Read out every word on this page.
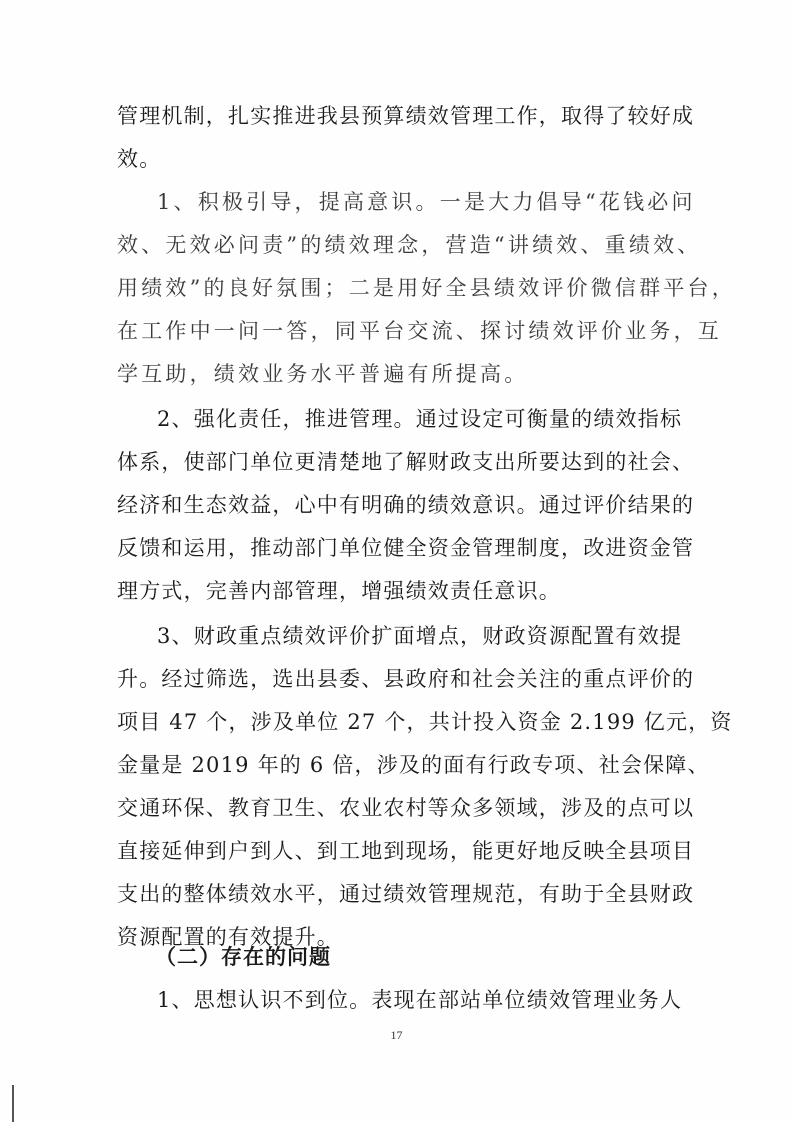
管理机制，扎实推进我县预算绩效管理工作，取得了较好成
效。
1、积极引导，提高意识。一是大力倡导“花钱必问
效、无效必问责”的绩效理念，营造“讲绩效、重绩效、
用绩效”的良好氛围；二是用好全县绩效评价微信群平台，
在工作中一问一答，同平台交流、探讨绩效评价业务，互
学互助，绩效业务水平普遍有所提高。
2、强化责任，推进管理。通过设定可衡量的绩效指标
体系，使部门单位更清楚地了解财政支出所要达到的社会、
经济和生态效益，心中有明确的绩效意识。通过评价结果的
反馈和运用，推动部门单位健全资金管理制度，改进资金管
理方式，完善内部管理，增强绩效责任意识。
3、财政重点绩效评价扩面增点，财政资源配置有效提
升。经过筛选，选出县委、县政府和社会关注的重点评价的
项目 47 个，涉及单位 27 个，共计投入资金 2.199 亿元，资
金量是 2019 年的 6 倍，涉及的面有行政专项、社会保障、
交通环保、教育卫生、农业农村等众多领域，涉及的点可以
直接延伸到户到人、到工地到现场，能更好地反映全县项目
支出的整体绩效水平，通过绩效管理规范，有助于全县财政
资源配置的有效提升。
（二）存在的问题
1、思想认识不到位。表现在部站单位绩效管理业务人
17
